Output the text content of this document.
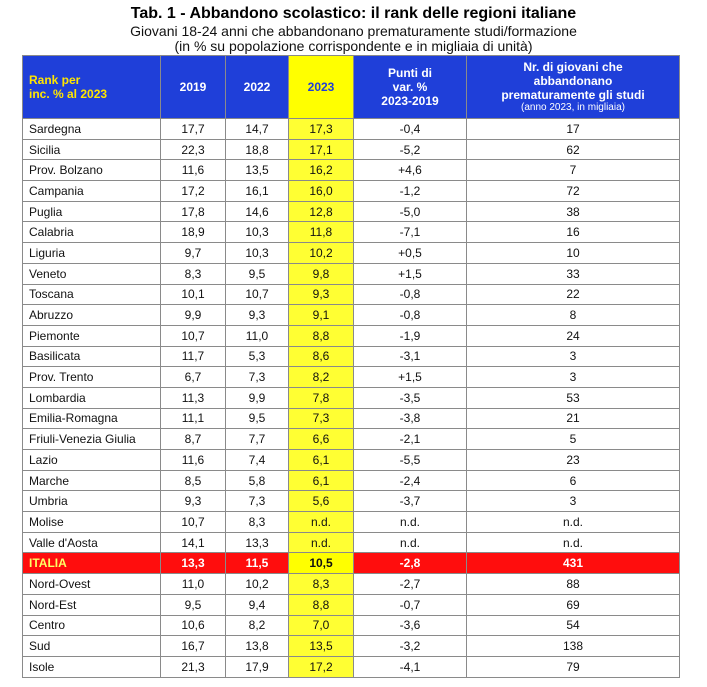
Tab. 1 - Abbandono scolastico: il rank delle regioni italiane
Giovani 18-24 anni che abbandonano prematuramente studi/formazione
(in % su popolazione corrispondente e in migliaia di unità)
Rank per
inc. % al 2023	2019	2022	2023	Punti di
var. %
2023-2019	Nr. di giovani che
abbandonano
prematuramente gli studi
(anno 2023, in migliaia)

Sardegna	17,7	14,7	17,3	-0,4	17
Sicilia	22,3	18,8	17,1	-5,2	62
Prov. Bolzano	11,6	13,5	16,2	+4,6	7
Campania	17,2	16,1	16,0	-1,2	72
Puglia	17,8	14,6	12,8	-5,0	38
Calabria	18,9	10,3	11,8	-7,1	16
Liguria	9,7	10,3	10,2	+0,5	10
Veneto	8,3	9,5	9,8	+1,5	33
Toscana	10,1	10,7	9,3	-0,8	22
Abruzzo	9,9	9,3	9,1	-0,8	8
Piemonte	10,7	11,0	8,8	-1,9	24
Basilicata	11,7	5,3	8,6	-3,1	3
Prov. Trento	6,7	7,3	8,2	+1,5	3
Lombardia	11,3	9,9	7,8	-3,5	53
Emilia-Romagna	11,1	9,5	7,3	-3,8	21
Friuli-Venezia Giulia	8,7	7,7	6,6	-2,1	5
Lazio	11,6	7,4	6,1	-5,5	23
Marche	8,5	5,8	6,1	-2,4	6
Umbria	9,3	7,3	5,6	-3,7	3
Molise	10,7	8,3	n.d.	n.d.	n.d.
Valle d'Aosta	14,1	13,3	n.d.	n.d.	n.d.
ITALIA	13,3	11,5	10,5	-2,8	431
Nord-Ovest	11,0	10,2	8,3	-2,7	88
Nord-Est	9,5	9,4	8,8	-0,7	69
Centro	10,6	8,2	7,0	-3,6	54
Sud	16,7	13,8	13,5	-3,2	138
Isole	21,3	17,9	17,2	-4,1	79
